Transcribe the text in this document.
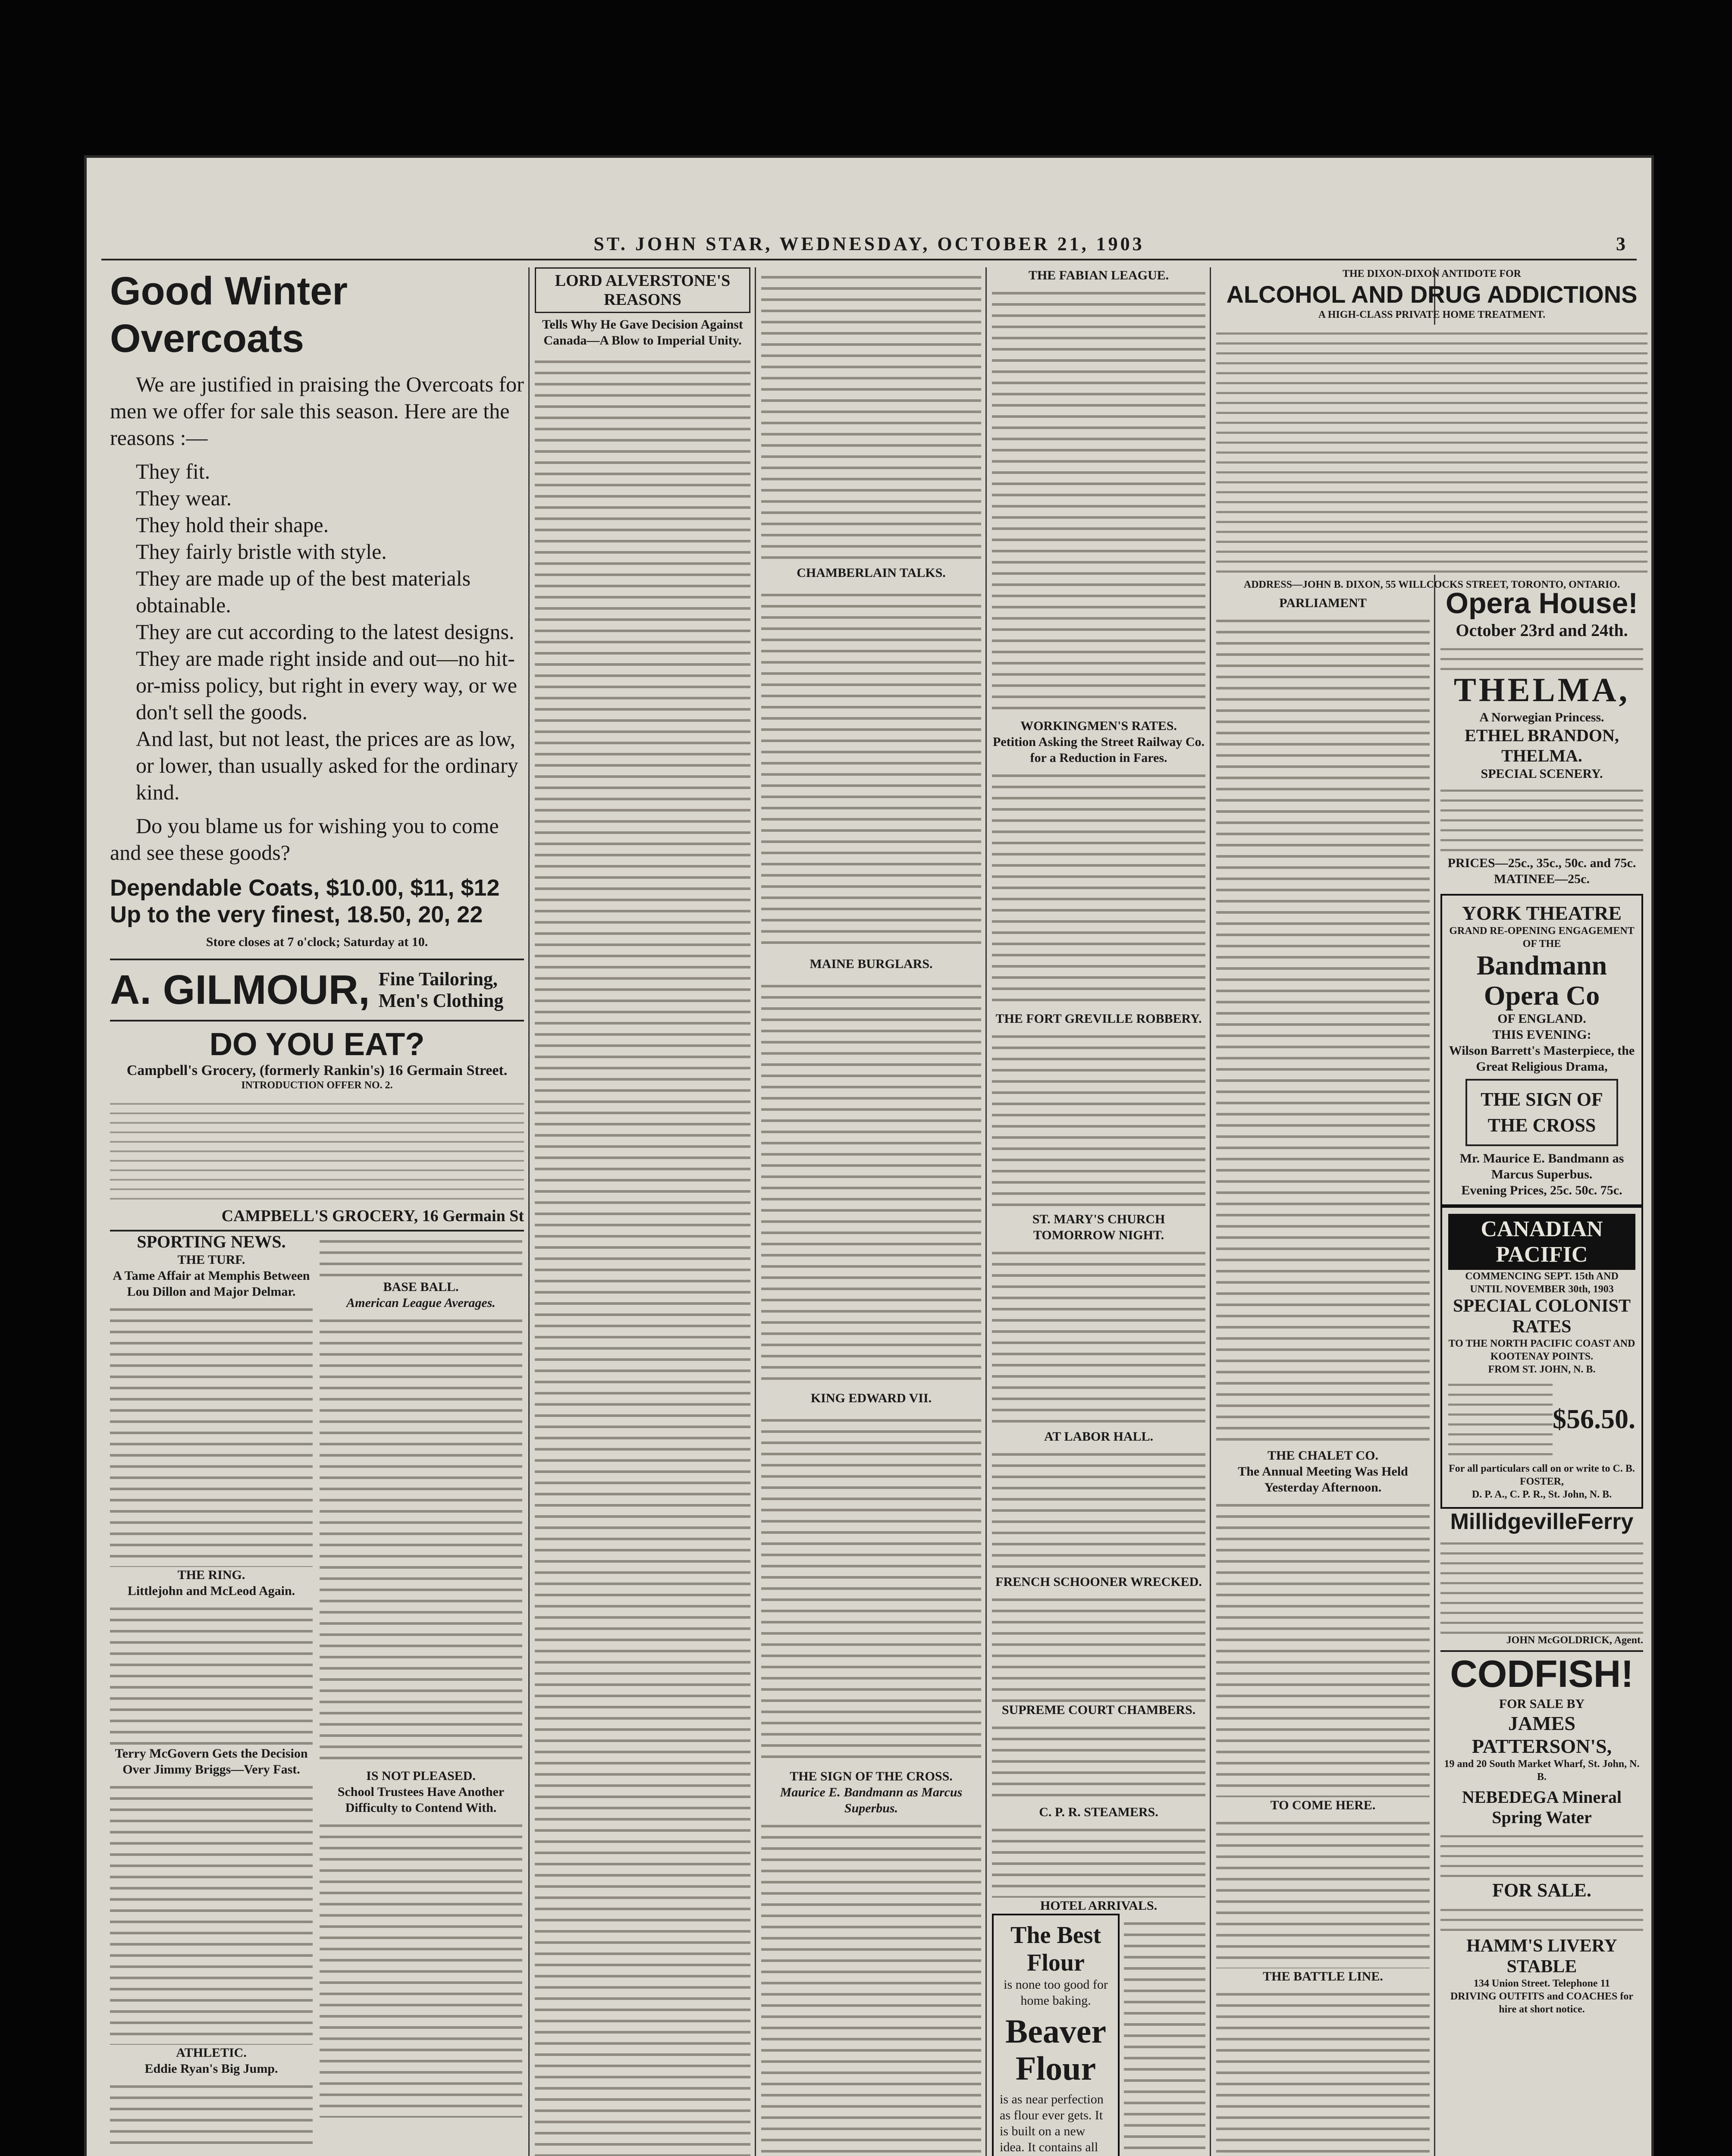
ST. JOHN STAR, WEDNESDAY, OCTOBER 21, 1903	3
Good Winter Overcoats

We are justified in praising the Overcoats for men we offer for sale this season. Here are the reasons :—

They fit.

They wear.

They hold their shape.

They fairly bristle with style.

They are made up of the best materials obtainable.

They are cut according to the latest designs.

They are made right inside and out—no hit-or-miss policy, but right in every way, or we don't sell the goods.

And last, but not least, the prices are as low, or lower, than usually asked for the ordinary kind.

Do you blame us for wishing you to come and see these goods?

Dependable Coats, $10.00, $11, $12

Up to the very finest, 18.50, 20, 22

Store closes at 7 o'clock; Saturday at 10.

A. GILMOUR, Fine Tailoring, Men's Clothing
DO YOU EAT?
Campbell's Grocery, (formerly Rankin's) 16 Germain Street.
INTRODUCTION OFFER NO. 2.
CAMPBELL'S GROCERY, 16 Germain St
SPORTING NEWS.
THE TURF.
A Tame Affair at Memphis Between Lou Dillon and Major Delmar.
THE RING.
Littlejohn and McLeod Again.
Terry McGovern Gets the Decision Over Jimmy Briggs—Very Fast.
ATHLETIC.
Eddie Ryan's Big Jump.
BASE BALL.
American League Averages.
IS NOT PLEASED.
School Trustees Have Another Difficulty to Contend With.
LORD ALVERSTONE'S REASONS
Tells Why He Gave Decision Against Canada—A Blow to Imperial Unity.
CHAMBERLAIN TALKS.
MAINE BURGLARS.
KING EDWARD VII.
THE SIGN OF THE CROSS.
Maurice E. Bandmann as Marcus Superbus.
THE FABIAN LEAGUE.
WORKINGMEN'S RATES.
Petition Asking the Street Railway Co. for a Reduction in Fares.
THE FORT GREVILLE ROBBERY.
ST. MARY'S CHURCH TOMORROW NIGHT.
AT LABOR HALL.
FRENCH SCHOONER WRECKED.
SUPREME COURT CHAMBERS.
C. P. R. STEAMERS.
HOTEL ARRIVALS.
The Best Flour
is none too good for home baking.
Beaver Flour
is as near perfection as flour ever gets. It is built on a new idea. It contains all
THE DIXON-DIXON ANTIDOTE FOR
ALCOHOL AND DRUG ADDICTIONS
A HIGH-CLASS PRIVATE HOME TREATMENT.
ADDRESS—JOHN B. DIXON, 55 WILLCOCKS STREET, TORONTO, ONTARIO.
PARLIAMENT
THE CHALET CO.
The Annual Meeting Was Held Yesterday Afternoon.
TO COME HERE.
THE BATTLE LINE.
Opera House!
October 23rd and 24th.
THELMA,
A Norwegian Princess.
ETHEL BRANDON, THELMA.
SPECIAL SCENERY.
PRICES—25c., 35c., 50c. and 75c.
MATINEE—25c.
YORK THEATRE
GRAND RE-OPENING ENGAGEMENT OF THE
Bandmann Opera Co
OF ENGLAND.
THIS EVENING:
Wilson Barrett's Masterpiece, the Great Religious Drama,
THE SIGN OF THE CROSS
Mr. Maurice E. Bandmann as Marcus Superbus.
Evening Prices, 25c. 50c. 75c.
CANADIAN PACIFIC
COMMENCING SEPT. 15th AND UNTIL NOVEMBER 30th, 1903
SPECIAL COLONIST RATES
TO THE NORTH PACIFIC COAST AND KOOTENAY POINTS.
FROM ST. JOHN, N. B.
$56.50.
For all particulars call on or write to C. B. FOSTER,
D. P. A., C. P. R., St. John, N. B.
MillidgevilleFerry
JOHN McGOLDRICK, Agent.
CODFISH!
FOR SALE BY
JAMES PATTERSON'S,
19 and 20 South Market Wharf, St. John, N. B.
NEBEDEGA Mineral Spring Water
FOR SALE.
HAMM'S LIVERY STABLE
134 Union Street. Telephone 11
DRIVING OUTFITS and COACHES for hire at short notice.
